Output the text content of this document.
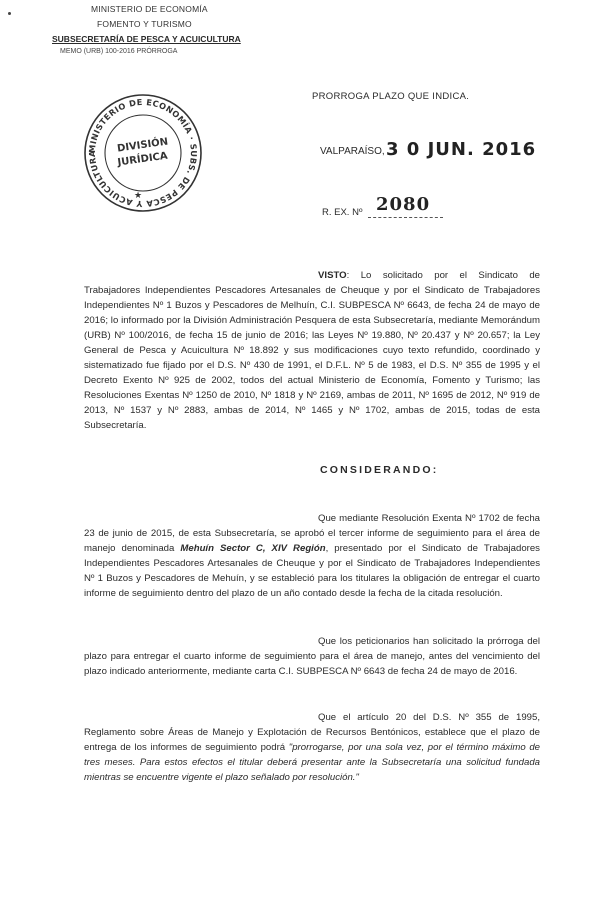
MINISTERIO DE ECONOMÍA
FOMENTO Y TURISMO
SUBSECRETARÍA DE PESCA Y ACUICULTURA
MEMO (URB) 100-2016 PRÓRROGA
MINISTERIO DE ECONOMÍA · SUBS. DE PESCA Y ACUICULTURA	DIVISIÓN
JURÍDICA
★
PRORROGA PLAZO QUE INDICA.
VALPARAÍSO, 3 0 JUN. 2016
R. EX. Nº 2080
VISTO: Lo solicitado por el Sindicato de Trabajadores Independientes Pescadores Artesanales de Cheuque y por el Sindicato de Trabajadores Independientes Nº 1 Buzos y Pescadores de Melhuín, C.I. SUBPESCA Nº 6643, de fecha 24 de mayo de 2016; lo informado por la División Administración Pesquera de esta Subsecretaría, mediante Memorándum (URB) Nº 100/2016, de fecha 15 de junio de 2016; las Leyes Nº 19.880, Nº 20.437 y Nº 20.657; la Ley General de Pesca y Acuicultura Nº 18.892 y sus modificaciones cuyo texto refundido, coordinado y sistematizado fue fijado por el D.S. Nº 430 de 1991, el D.F.L. Nº 5 de 1983, el D.S. Nº 355 de 1995 y el Decreto Exento Nº 925 de 2002, todos del actual Ministerio de Economía, Fomento y Turismo; las Resoluciones Exentas Nº 1250 de 2010, Nº 1818 y Nº 2169, ambas de 2011, Nº 1695 de 2012, Nº 919 de 2013, Nº 1537 y Nº 2883, ambas de 2014, Nº 1465 y Nº 1702, ambas de 2015, todas de esta Subsecretaría.
CONSIDERANDO:
Que mediante Resolución Exenta Nº 1702 de fecha 23 de junio de 2015, de esta Subsecretaría, se aprobó el tercer informe de seguimiento para el área de manejo denominada Mehuín Sector C, XIV Región, presentado por el Sindicato de Trabajadores Independientes Pescadores Artesanales de Cheuque y por el Sindicato de Trabajadores Independientes Nº 1 Buzos y Pescadores de Mehuín, y se estableció para los titulares la obligación de entregar el cuarto informe de seguimiento dentro del plazo de un año contado desde la fecha de la citada resolución.
Que los peticionarios han solicitado la prórroga del plazo para entregar el cuarto informe de seguimiento para el área de manejo, antes del vencimiento del plazo indicado anteriormente, mediante carta C.I. SUBPESCA Nº 6643 de fecha 24 de mayo de 2016.
Que el artículo 20 del D.S. Nº 355 de 1995, Reglamento sobre Áreas de Manejo y Explotación de Recursos Bentónicos, establece que el plazo de entrega de los informes de seguimiento podrá "prorrogarse, por una sola vez, por el término máximo de tres meses. Para estos efectos el titular deberá presentar ante la Subsecretaría una solicitud fundada mientras se encuentre vigente el plazo señalado por resolución."
